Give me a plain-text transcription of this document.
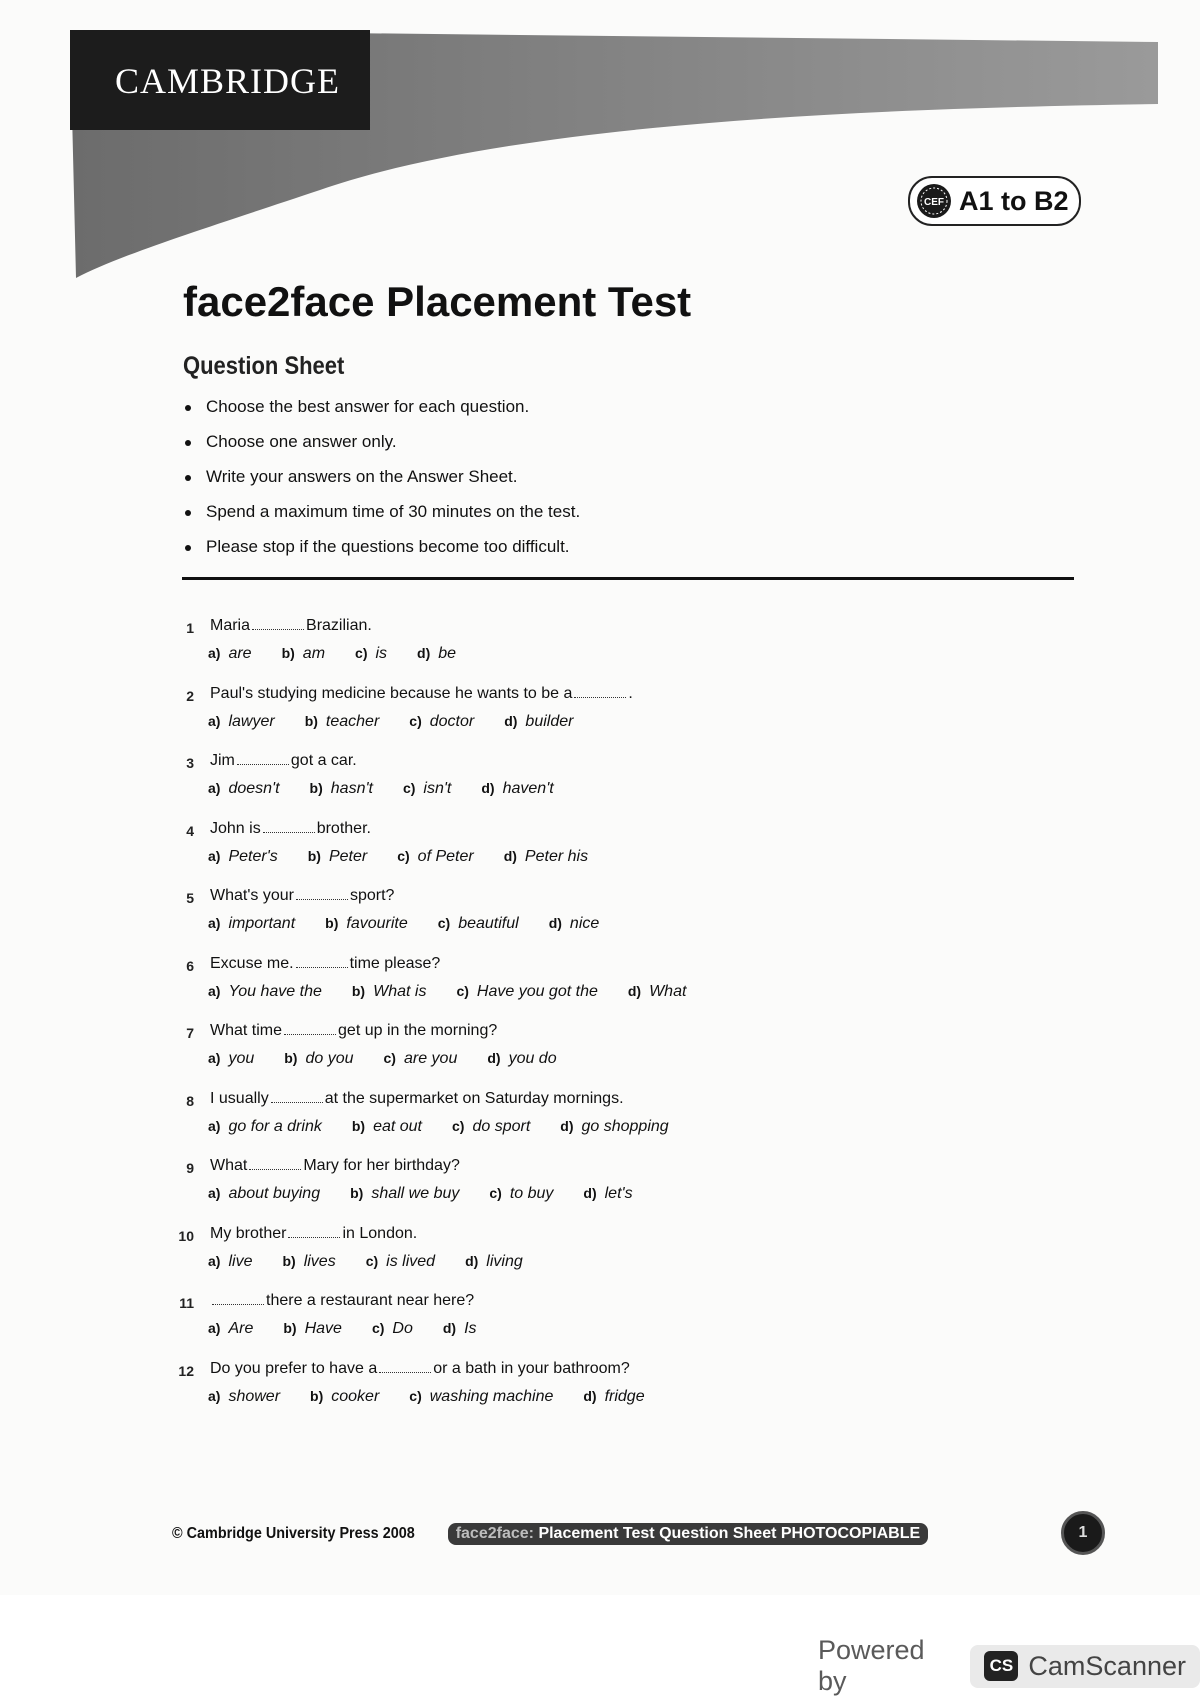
CAMBRIDGE
CEF A1 to B2
face2face Placement Test
Question Sheet
Choose the best answer for each question.
Choose one answer only.
Write your answers on the Answer Sheet.
Spend a maximum time of 30 minutes on the test.
Please stop if the questions become too difficult.
1 Maria	Brazilian.
a) are b) am c) is d) be
2 Paul's studying medicine because he wants to be a	.
a) lawyer b) teacher c) doctor d) builder
3 Jim	got a car.
a) doesn't b) hasn't c) isn't d) haven't
4 John is	brother.
a) Peter's b) Peter c) of Peter d) Peter his
5 What's your	sport?
a) important b) favourite c) beautiful d) nice
6 Excuse me.	time please?
a) You have the b) What is c) Have you got the d) What
7 What time	get up in the morning?
a) you b) do you c) are you d) you do
8 I usually	at the supermarket on Saturday mornings.
a) go for a drink b) eat out c) do sport d) go shopping
9 What	Mary for her birthday?
a) about buying b) shall we buy c) to buy d) let's
10 My brother	in London.
a) live b) lives c) is lived d) living
11	there a restaurant near here?
a) Are b) Have c) Do d) Is
12 Do you prefer to have a	or a bath in your bathroom?
a) shower b) cooker c) washing machine d) fridge
© Cambridge University Press 2008	face2face: Placement Test Question Sheet PHOTOCOPIABLE	1
Powered by
CS CamScanner
